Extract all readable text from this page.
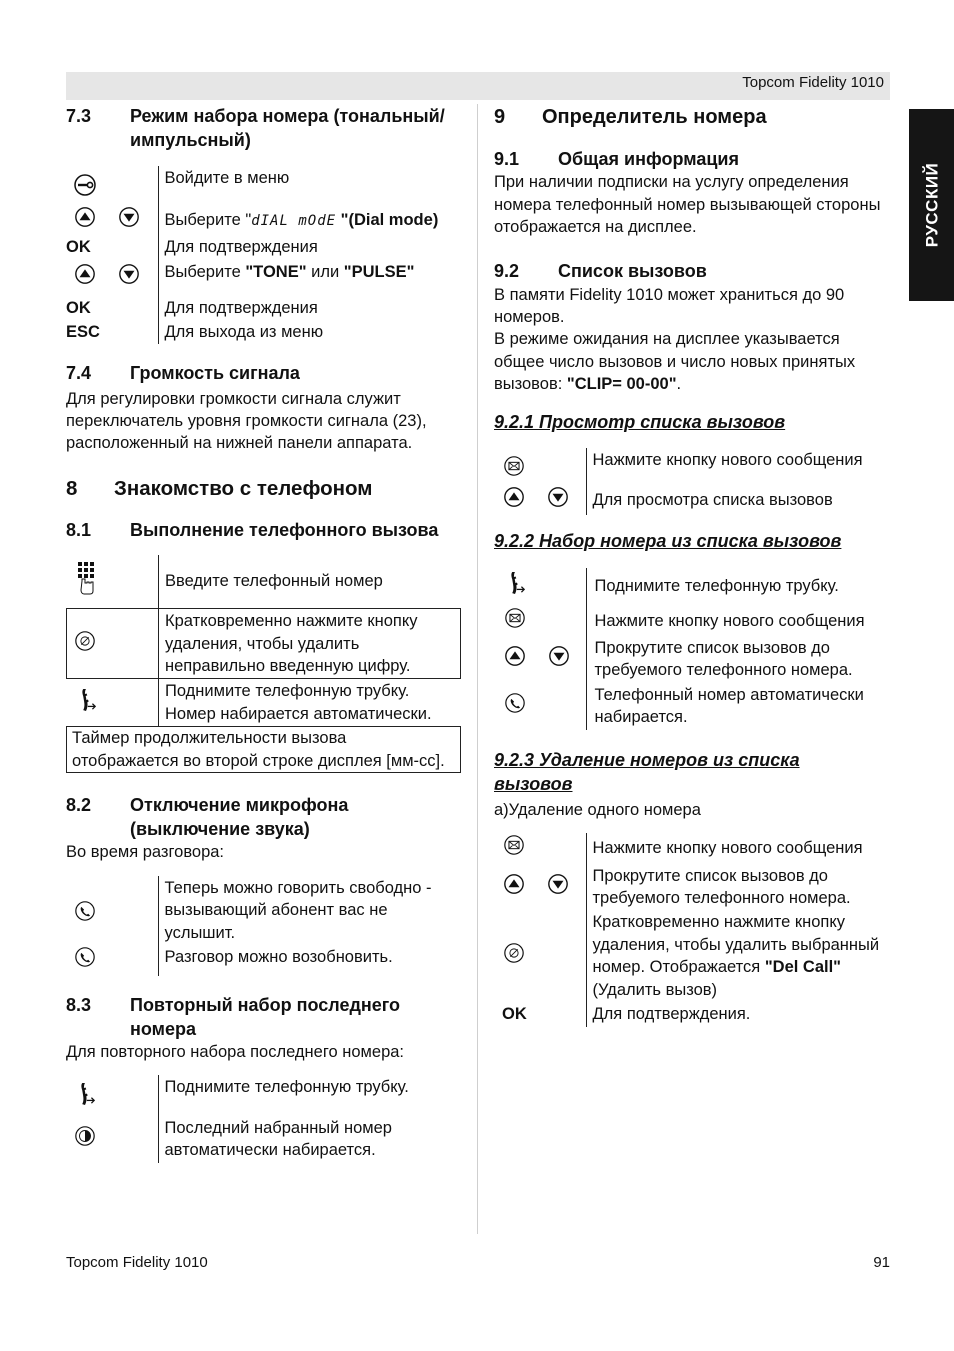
Topcom Fidelity 1010
РУССКИЙ
7.3	Режим набора номера (тональный/импульсный)
	Войдите в меню
	Выберите "dIAL mOdE "(Dial mode)
OK	Для подтверждения
	Выберите "TONE" или "PULSE"
OK	Для подтверждения
ESC	Для выхода из меню
7.4	Громкость сигнала

Для регулировки громкости сигнала служит переключатель уровня громкости сигнала (23), расположенный на нижней панели аппарата.

8	Знакомство с телефоном
8.1	Выполнение телефонного вызова
	Введите телефонный номер
	Кратковременно нажмите кнопку удаления, чтобы удалить неправильно введенную цифру.
	Поднимите телефонную трубку. Номер набирается автоматически.
Таймер продолжительности вызова отображается во второй строке дисплея [мм-сс].
8.2	Отключение микрофона (выключение звука)

Во время разговора:

	Теперь можно говорить свободно - вызывающий абонент вас не услышит.
	Разговор можно возобновить.
8.3	Повторный набор последнего номера

Для повторного набора последнего номера:

	Поднимите телефонную трубку.
	Последний набранный номер автоматически набирается.
9	Определитель номера
9.1	Общая информация

При наличии подписки на услугу определения номера телефонный номер вызывающей стороны отображается на дисплее.

9.2	Список вызовов

В памяти Fidelity 1010 может храниться до 90 номеров.

В режиме ожидания на дисплее указывается общее число вызовов и число новых принятых вызовов: "CLIP= 00-00".

9.2.1 Просмотр списка вызовов
	Нажмите кнопку нового сообщения
	Для просмотра списка вызовов
9.2.2 Набор номера из списка вызовов
	Поднимите телефонную трубку.
	Нажмите кнопку нового сообщения
	Прокрутите список вызовов до требуемого телефонного номера.
	Телефонный номер автоматически набирается.
9.2.3 Удаление номеров из списка вызовов

a)Удаление одного номера

	Нажмите кнопку нового сообщения
	Прокрутите список вызовов до требуемого телефонного номера.
	Кратковременно нажмите кнопку удаления, чтобы удалить выбранный номер. Отображается "Del Call" (Удалить вызов)
OK	Для подтверждения.
Topcom Fidelity 1010	91
